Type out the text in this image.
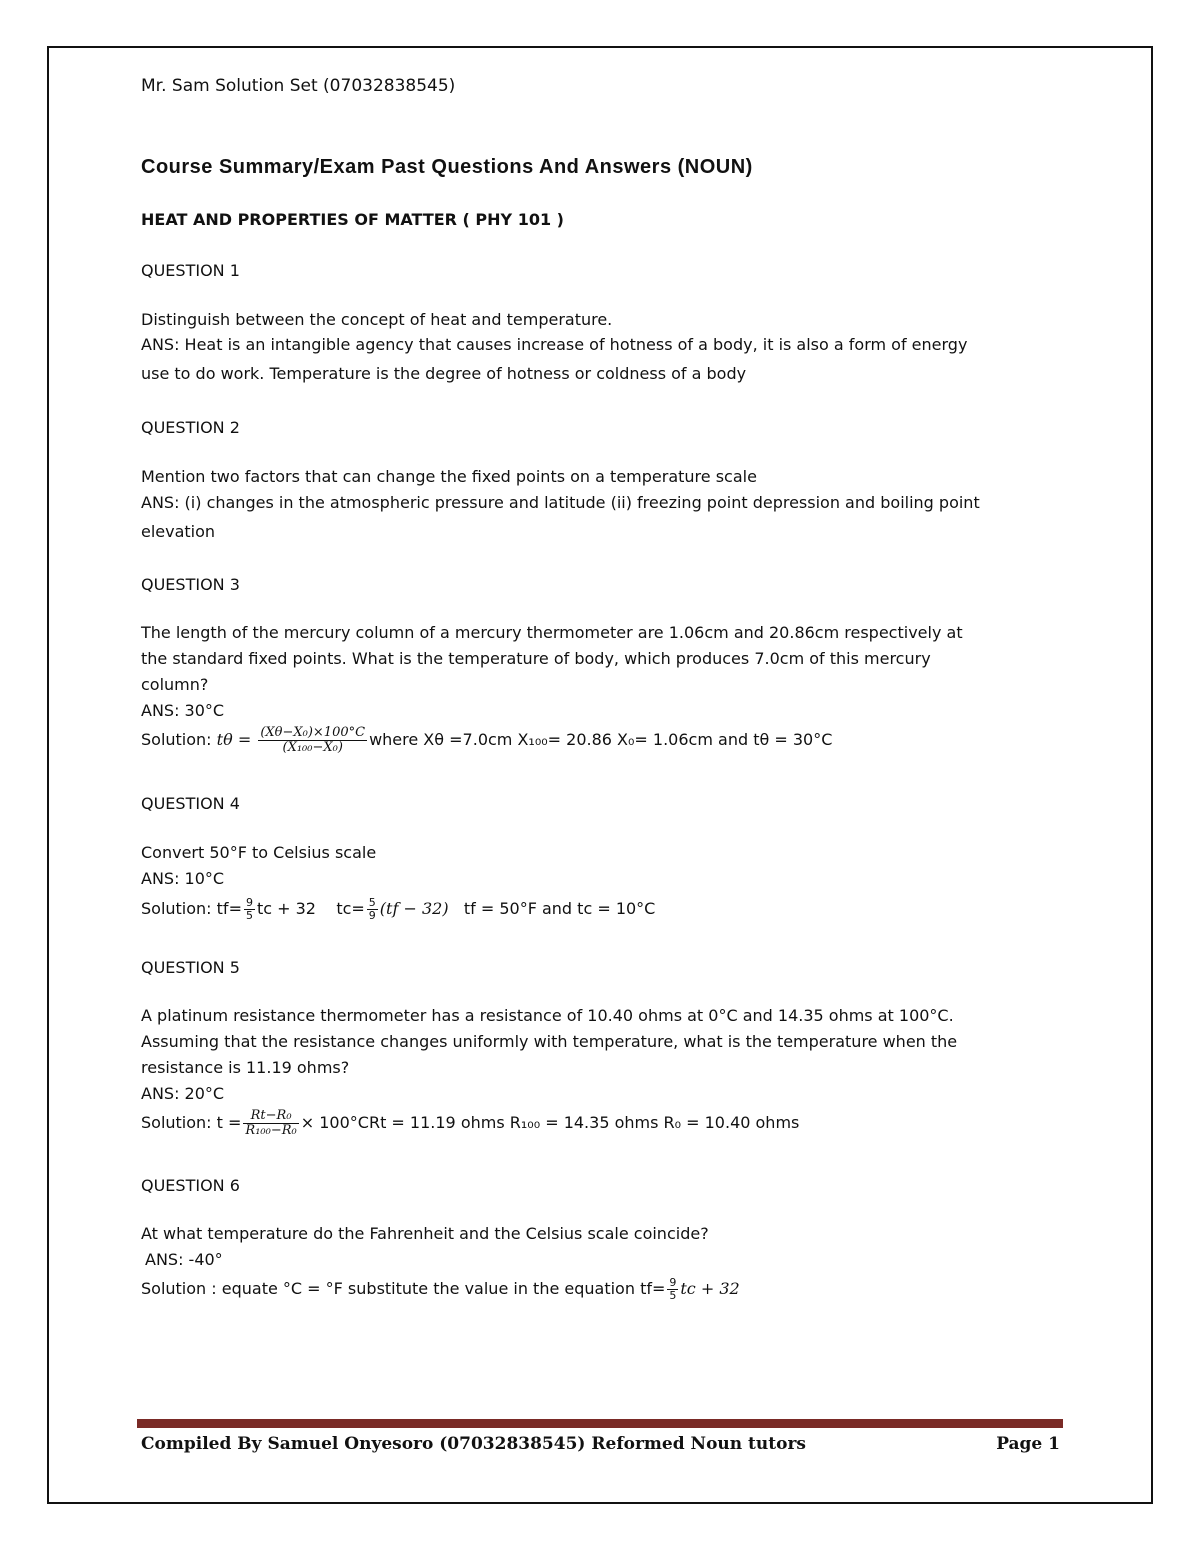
Mr. Sam Solution Set (07032838545)
Course Summary/Exam Past Questions And Answers (NOUN)
HEAT AND PROPERTIES OF MATTER ( PHY 101 )
QUESTION 1
Distinguish between the concept of heat and temperature.
ANS: Heat is an intangible agency that causes increase of hotness of a body, it is also a form of energy
use to do work. Temperature is the degree of hotness or coldness of a body
QUESTION 2
Mention two factors that can change the fixed points on a temperature scale
ANS: (i) changes in the atmospheric pressure and latitude (ii) freezing point depression and boiling point
elevation
QUESTION 3
The length of the mercury column of a mercury thermometer are 1.06cm and 20.86cm respectively at
the standard fixed points. What is the temperature of body, which produces 7.0cm of this mercury
column?
ANS: 30°C
Solution: $t\theta = \frac{\text{(Xθ−X₀)×100°C}}{\text{(X₁₀₀−X₀)}}$ where Xθ =7.0cm X₁₀₀= 20.86 X₀= 1.06cm and tθ = 30°C
QUESTION 4
Convert 50°F to Celsius scale
ANS: 10°C
Solution: $tf= \frac{9}{5}$ tc + 32    $tc= \frac{5}{9} (tf - 32)$ tf = 50°F and tc = 10°C
QUESTION 5
A platinum resistance thermometer has a resistance of 10.40 ohms at 0°C and 14.35 ohms at 100°C.
Assuming that the resistance changes uniformly with temperature, what is the temperature when the
resistance is 11.19 ohms?
ANS: 20°C
Solution: $t = \frac{\text{Rt−R₀}}{\text{R₁₀₀−R₀}} \times 100^\circ CRt = 11.19$ ohms R₁₀₀ = 14.35 ohms R₀ = 10.40 ohms
QUESTION 6
At what temperature do the Fahrenheit and the Celsius scale coincide?
ANS: -40°
Solution : equate °C = °F substitute the value in the equation $tf= \frac{9}{5}$ tc + 32
Compiled By Samuel Onyesoro (07032838545) Reformed Noun tutors	Page 1
